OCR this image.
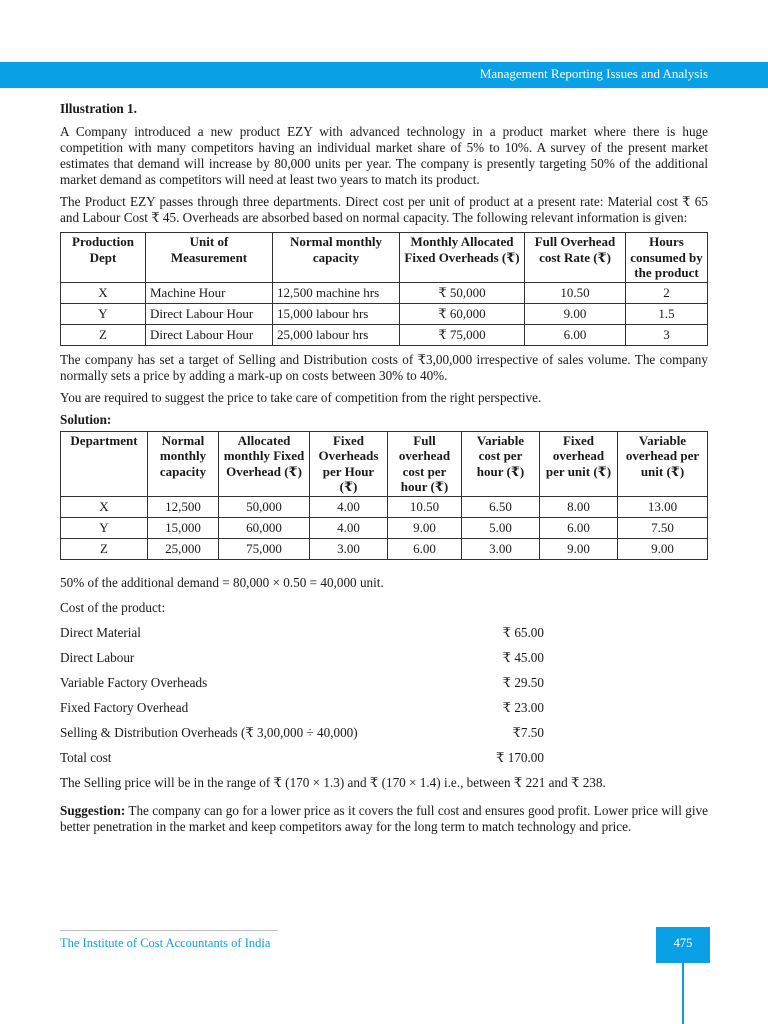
Management Reporting Issues and Analysis

Illustration 1.

A Company introduced a new product EZY with advanced technology in a product market where there is huge competition with many competitors having an individual market share of 5% to 10%. A survey of the present market estimates that demand will increase by 80,000 units per year. The company is presently targeting 50% of the additional market demand as competitors will need at least two years to match its product.

The Product EZY passes through three departments. Direct cost per unit of product at a present rate: Material cost ₹ 65 and Labour Cost ₹ 45. Overheads are absorbed based on normal capacity. The following relevant information is given:

Production Dept	Unit of Measurement	Normal monthly capacity	Monthly Allocated Fixed Overheads (₹)	Full Overhead cost Rate (₹)	Hours consumed by the product
X	Machine Hour	12,500 machine hrs	₹ 50,000	10.50	2
Y	Direct Labour Hour	15,000 labour hrs	₹ 60,000	9.00	1.5
Z	Direct Labour Hour	25,000 labour hrs	₹ 75,000	6.00	3

The company has set a target of Selling and Distribution costs of ₹3,00,000 irrespective of sales volume. The company normally sets a price by adding a mark-up on costs between 30% to 40%.

You are required to suggest the price to take care of competition from the right perspective.

Solution:

Department	Normal monthly capacity	Allocated monthly Fixed Overhead (₹)	Fixed Overheads per Hour (₹)	Full overhead cost per hour (₹)	Variable cost per hour (₹)	Fixed overhead per unit (₹)	Variable overhead per unit (₹)
X	12,500	50,000	4.00	10.50	6.50	8.00	13.00
Y	15,000	60,000	4.00	9.00	5.00	6.00	7.50
Z	25,000	75,000	3.00	6.00	3.00	9.00	9.00

50% of the additional demand = 80,000 × 0.50 = 40,000 unit.

Cost of the product:

Direct Material	₹ 65.00
Direct Labour	₹ 45.00
Variable Factory Overheads	₹ 29.50
Fixed Factory Overhead	₹ 23.00
Selling & Distribution Overheads (₹ 3,00,000 ÷ 40,000)	₹7.50
Total cost	₹ 170.00

The Selling price will be in the range of ₹ (170 × 1.3) and ₹ (170 × 1.4) i.e., between ₹ 221 and ₹ 238.

Suggestion: The company can go for a lower price as it covers the full cost and ensures good profit. Lower price will give better penetration in the market and keep competitors away for the long term to match technology and price.

The Institute of Cost Accountants of India	475
